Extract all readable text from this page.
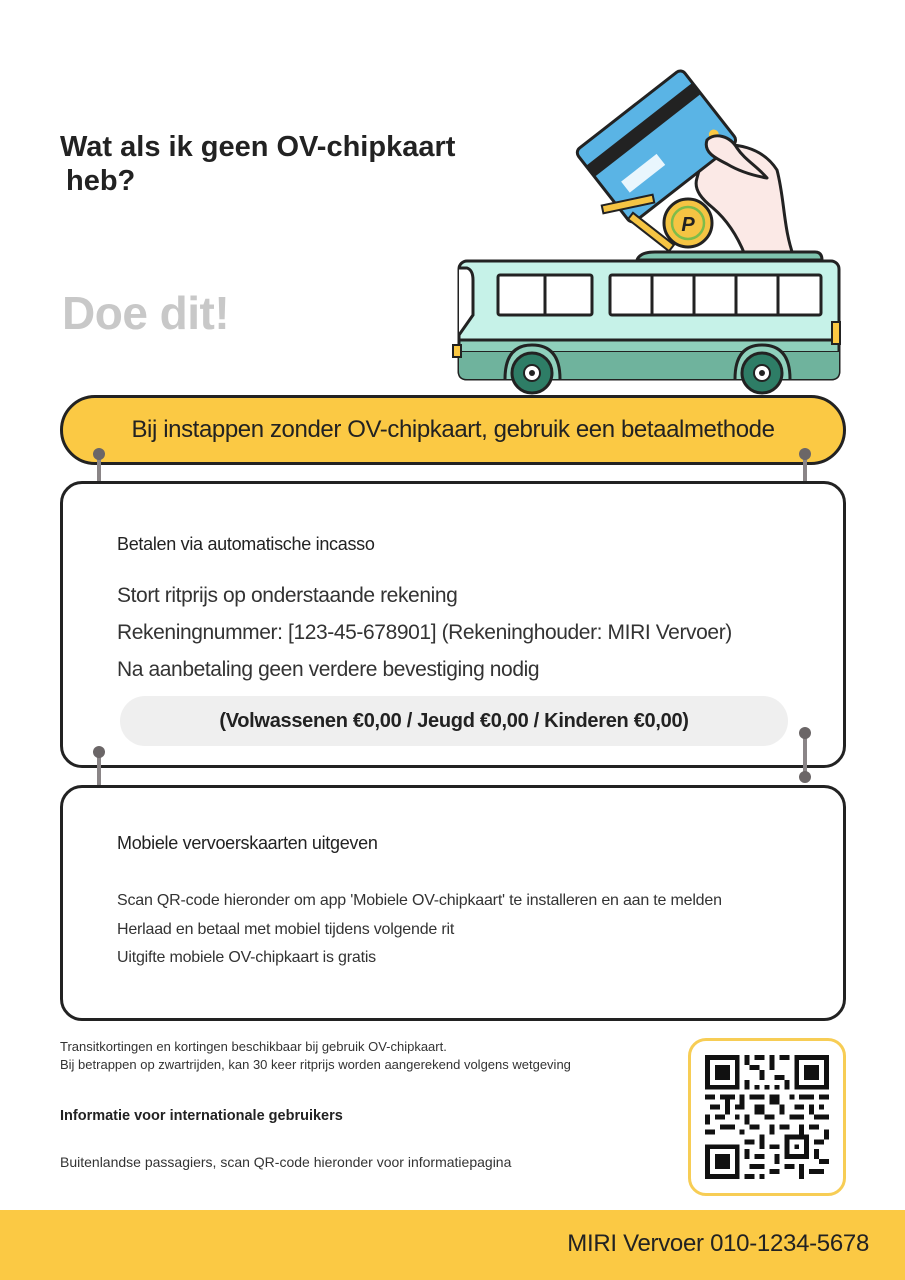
Wat als ik geen OV-chipkaart
heb?
Doe dit!
P
Bij instappen zonder OV-chipkaart, gebruik een betaalmethode
Betalen via automatische incasso
Stort ritprijs op onderstaande rekening
Rekeningnummer: [123-45-678901] (Rekeninghouder: MIRI Vervoer)
Na aanbetaling geen verdere bevestiging nodig
(Volwassenen €0,00 / Jeugd €0,00 / Kinderen €0,00)
Mobiele vervoerskaarten uitgeven
Scan QR-code hieronder om app 'Mobiele OV-chipkaart' te installeren en aan te melden
Herlaad en betaal met mobiel tijdens volgende rit
Uitgifte mobiele OV-chipkaart is gratis
Transitkortingen en kortingen beschikbaar bij gebruik OV-chipkaart.
Bij betrappen op zwartrijden, kan 30 keer ritprijs worden aangerekend volgens wetgeving
Informatie voor internationale gebruikers
Buitenlandse passagiers, scan QR-code hieronder voor informatiepagina
MIRI Vervoer 010-1234-5678
